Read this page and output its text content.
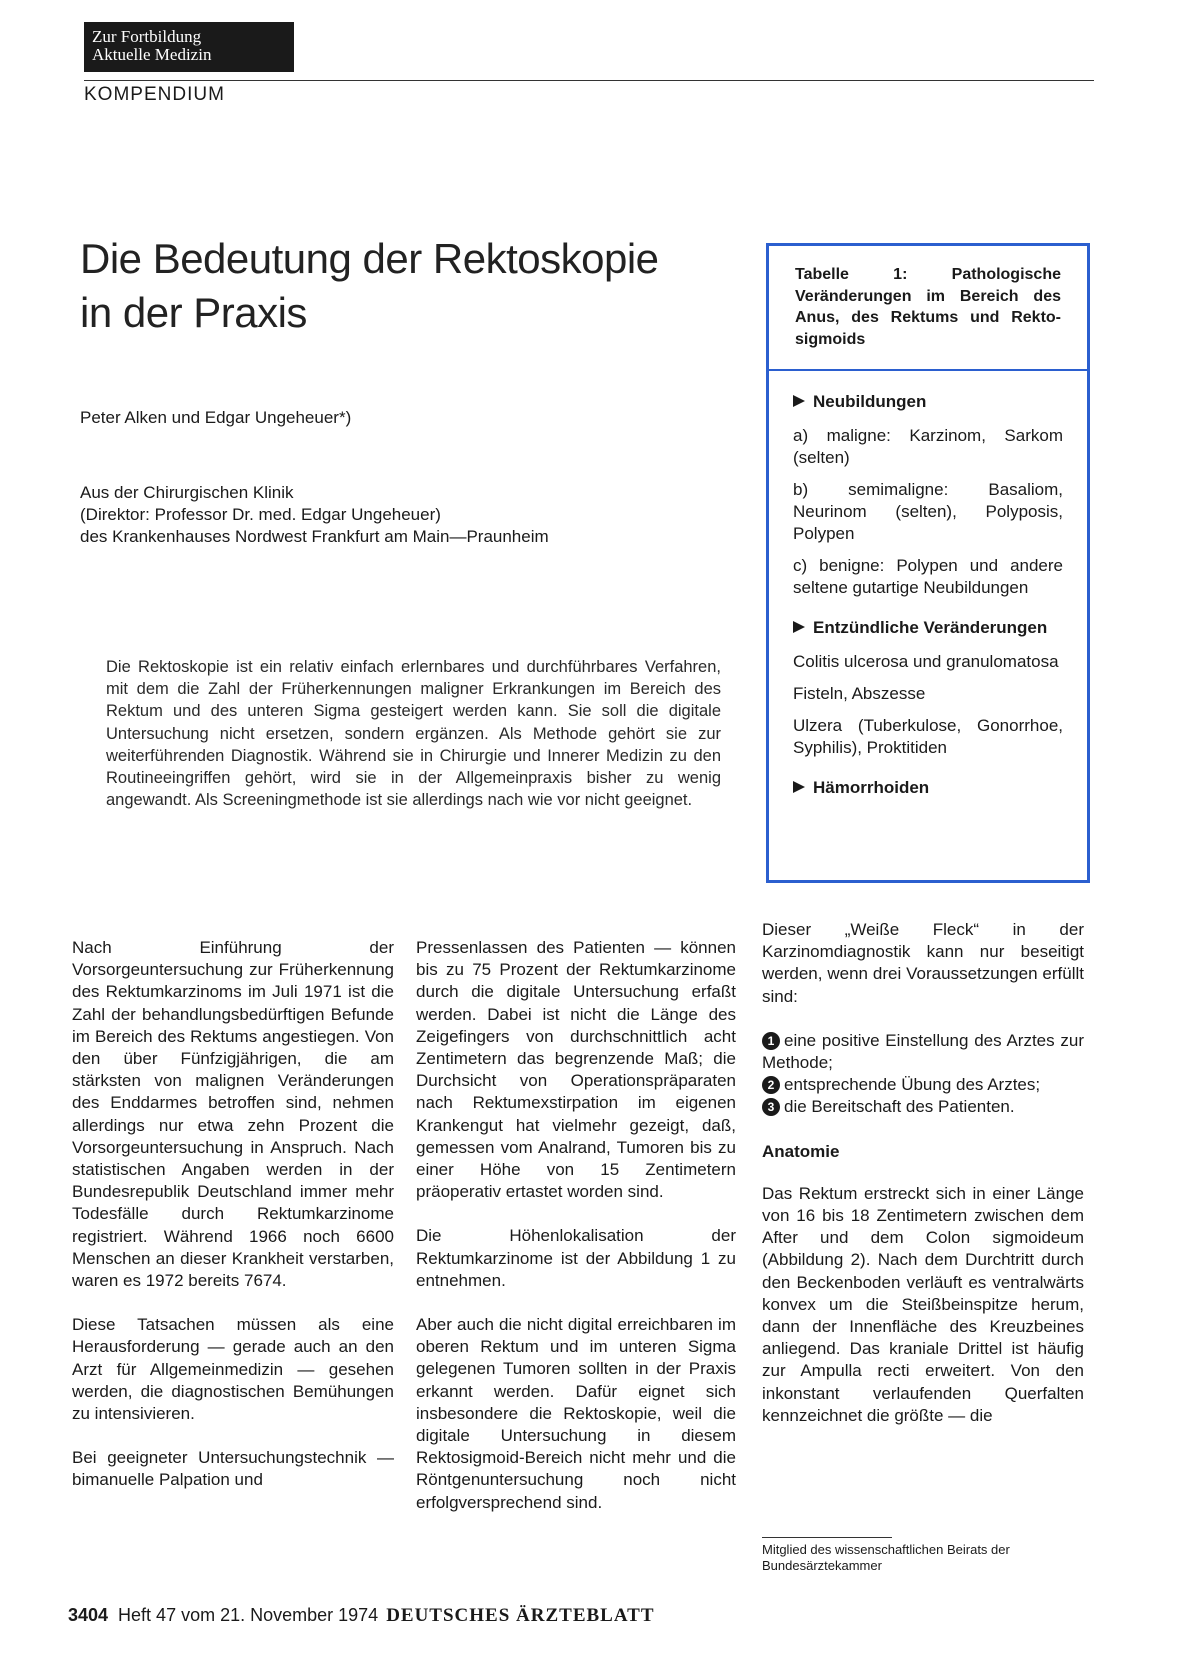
Zur Fortbildung
Aktuelle Medizin
KOMPENDIUM
Die Bedeutung der Rektoskopie
in der Praxis
Peter Alken und Edgar Ungeheuer*)
Aus der Chirurgischen Klinik
(Direktor: Professor Dr. med. Edgar Ungeheuer)
des Krankenhauses Nordwest Frankfurt am Main—Praunheim
Die Rektoskopie ist ein relativ einfach erlernbares und durchführbares Verfahren, mit dem die Zahl der Früherkennungen maligner Erkrankungen im Bereich des Rektum und des unteren Sigma gesteigert werden kann. Sie soll die digitale Untersuchung nicht ersetzen, sondern ergänzen. Als Methode gehört sie zur weiterführenden Diagnostik. Während sie in Chirurgie und Innerer Medizin zu den Routineeingriffen gehört, wird sie in der Allgemeinpraxis bisher zu wenig angewandt. Als Screeningmethode ist sie allerdings nach wie vor nicht geeignet.
Tabelle 1: Pathologische Veränderungen im Bereich des Anus, des Rektums und Rekto-sigmoids
Neubildungen
a) maligne: Karzinom, Sarkom (selten)
b) semimaligne: Basaliom, Neurinom (selten), Polyposis, Polypen
c) benigne: Polypen und andere seltene gutartige Neubildungen
Entzündliche Veränderungen
Colitis ulcerosa und granulomatosa
Fisteln, Abszesse
Ulzera (Tuberkulose, Gonorrhoe, Syphilis), Proktitiden
Hämorrhoiden

Nach Einführung der Vorsorgeuntersuchung zur Früherkennung des Rektumkarzinoms im Juli 1971 ist die Zahl der behandlungsbedürftigen Befunde im Bereich des Rektums angestiegen. Von den über Fünfzigjährigen, die am stärksten von malignen Veränderungen des Enddarmes betroffen sind, nehmen allerdings nur etwa zehn Prozent die Vorsorgeuntersuchung in Anspruch. Nach statistischen Angaben werden in der Bundesrepublik Deutschland immer mehr Todesfälle durch Rektumkarzinome registriert. Während 1966 noch 6600 Menschen an dieser Krankheit verstarben, waren es 1972 bereits 7674.

Diese Tatsachen müssen als eine Herausforderung — gerade auch an den Arzt für Allgemeinmedizin — gesehen werden, die diagnostischen Bemühungen zu intensivieren.

Bei geeigneter Untersuchungstechnik — bimanuelle Palpation und

Pressenlassen des Patienten — können bis zu 75 Prozent der Rektumkarzinome durch die digitale Untersuchung erfaßt werden. Dabei ist nicht die Länge des Zeigefingers von durchschnittlich acht Zentimetern das begrenzende Maß; die Durchsicht von Operationspräparaten nach Rektumexstirpation im eigenen Krankengut hat vielmehr gezeigt, daß, gemessen vom Analrand, Tumoren bis zu einer Höhe von 15 Zentimetern präoperativ ertastet worden sind.

Die Höhenlokalisation der Rektumkarzinome ist der Abbildung 1 zu entnehmen.

Aber auch die nicht digital erreichbaren im oberen Rektum und im unteren Sigma gelegenen Tumoren sollten in der Praxis erkannt werden. Dafür eignet sich insbesondere die Rektoskopie, weil die digitale Untersuchung in diesem Rektosigmoid-Bereich nicht mehr und die Röntgenuntersuchung noch nicht erfolgversprechend sind.

Dieser „Weiße Fleck“ in der Karzinomdiagnostik kann nur beseitigt werden, wenn drei Voraussetzungen erfüllt sind:

1 eine positive Einstellung des Arztes zur Methode;
2 entsprechende Übung des Arztes;
3 die Bereitschaft des Patienten.
Anatomie

Das Rektum erstreckt sich in einer Länge von 16 bis 18 Zentimetern zwischen dem After und dem Colon sigmoideum (Abbildung 2). Nach dem Durchtritt durch den Beckenboden verläuft es ventralwärts konvex um die Steißbeinspitze herum, dann der Innenfläche des Kreuzbeines anliegend. Das kraniale Drittel ist häufig zur Ampulla recti erweitert. Von den inkonstant verlaufenden Querfalten kennzeichnet die größte — die

Mitglied des wissenschaftlichen Beirats der Bundesärztekammer
3404 Heft 47 vom 21. November 1974 DEUTSCHES ÄRZTEBLATT
